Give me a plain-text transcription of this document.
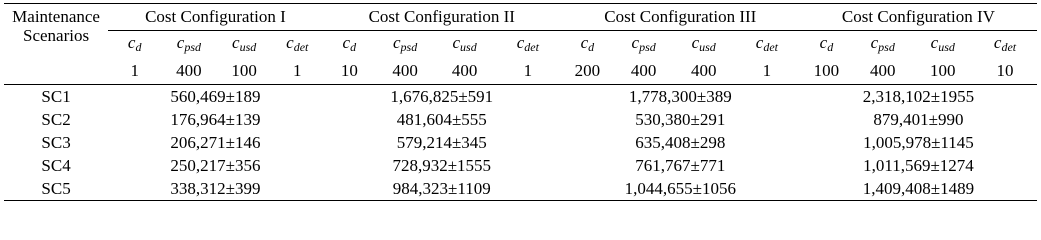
Maintenance
Scenarios	Cost Configuration I				Cost Configuration II				Cost Configuration III				Cost Configuration IV			
	$c_d$	$c_{psd}$	$c_{usd}$	$c_{det}$	$c_d$	$c_{psd}$	$c_{usd}$	$c_{det}$	$c_d$	$c_{psd}$	$c_{usd}$	$c_{det}$	$c_d$	$c_{psd}$	$c_{usd}$	$c_{det}$
	1	400	100	1	10	400	400	1	200	400	400	1	100	400	100	10
SC1	560,469±189				1,676,825±591				1,778,300±389				2,318,102±1955			
SC2	176,964±139				481,604±555				530,380±291				879,401±990			
SC3	206,271±146				579,214±345				635,408±298				1,005,978±1145			
SC4	250,217±356				728,932±1555				761,767±771				1,011,569±1274			
SC5	338,312±399				984,323±1109				1,044,655±1056				1,409,408±1489			
